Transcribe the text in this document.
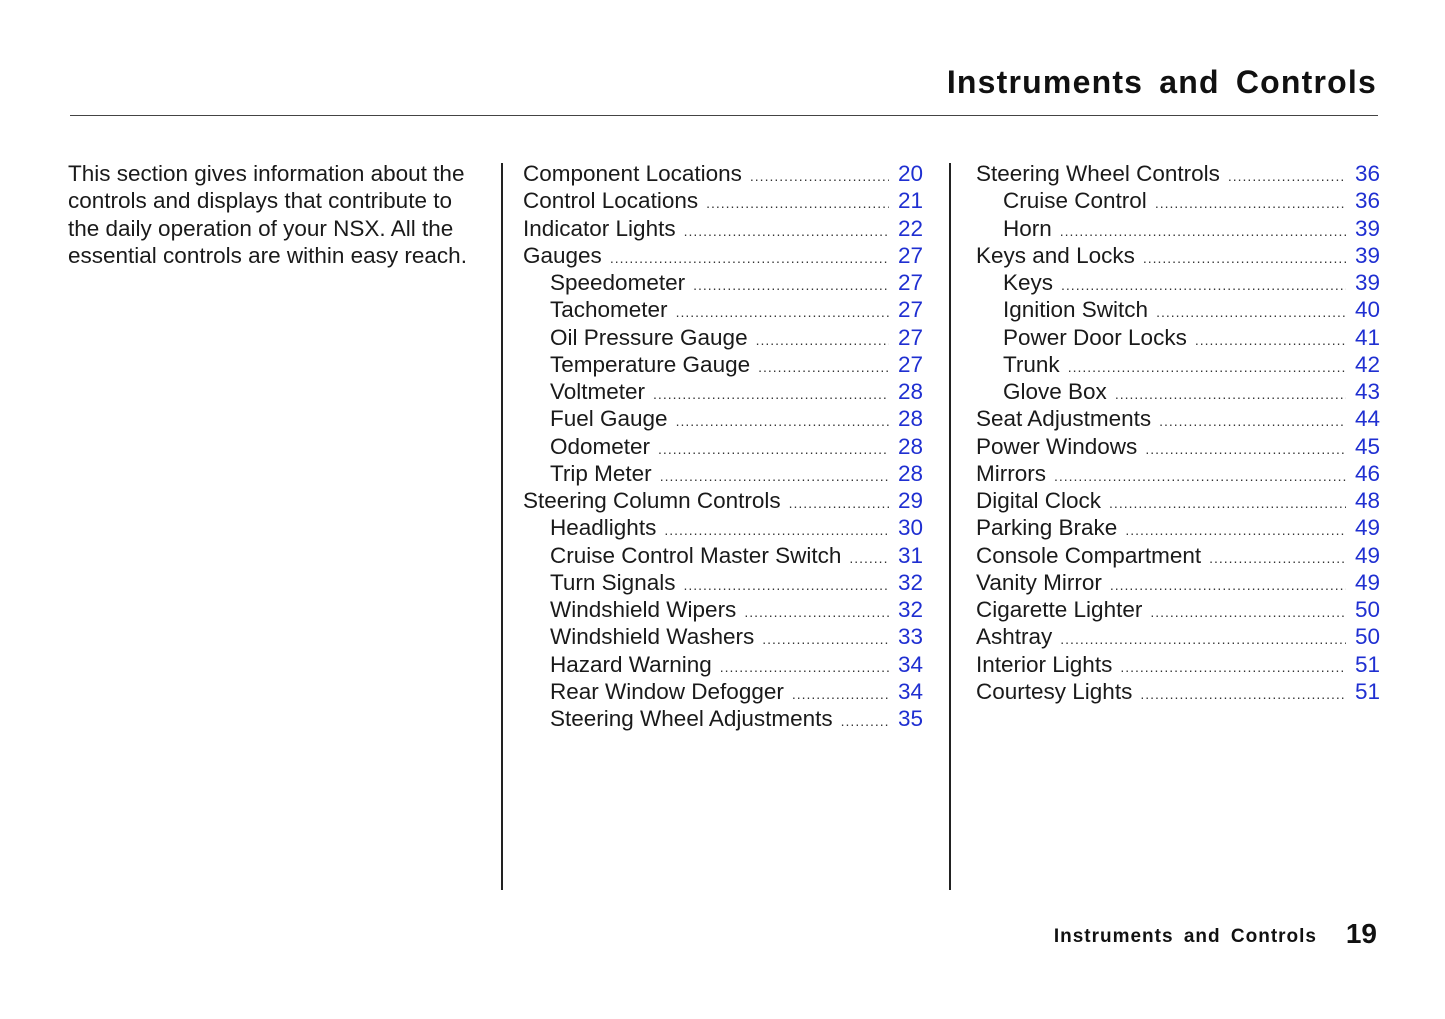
Instruments and Controls
This section gives information about the controls and displays that contribute to the daily operation of your NSX. All the essential controls are within easy reach.
Component Locations .....	20
Control Locations .....	21
Indicator Lights .....	22
Gauges .....	27
Speedometer .....	27
Tachometer .....	27
Oil Pressure Gauge .....	27
Temperature Gauge .....	27
Voltmeter .....	28
Fuel Gauge .....	28
Odometer .....	28
Trip Meter .....	28
Steering Column Controls .....	29
Headlights .....	30
Cruise Control Master Switch .....	31
Turn Signals .....	32
Windshield Wipers .....	32
Windshield Washers .....	33
Hazard Warning .....	34
Rear Window Defogger .....	34
Steering Wheel Adjustments .....	35
Steering Wheel Controls .....	36
Cruise Control .....	36
Horn .....	39
Keys and Locks .....	39
Keys .....	39
Ignition Switch .....	40
Power Door Locks .....	41
Trunk .....	42
Glove Box .....	43
Seat Adjustments .....	44
Power Windows .....	45
Mirrors .....	46
Digital Clock .....	48
Parking Brake .....	49
Console Compartment .....	49
Vanity Mirror .....	49
Cigarette Lighter .....	50
Ashtray .....	50
Interior Lights .....	51
Courtesy Lights .....	51
Instruments and Controls 19
